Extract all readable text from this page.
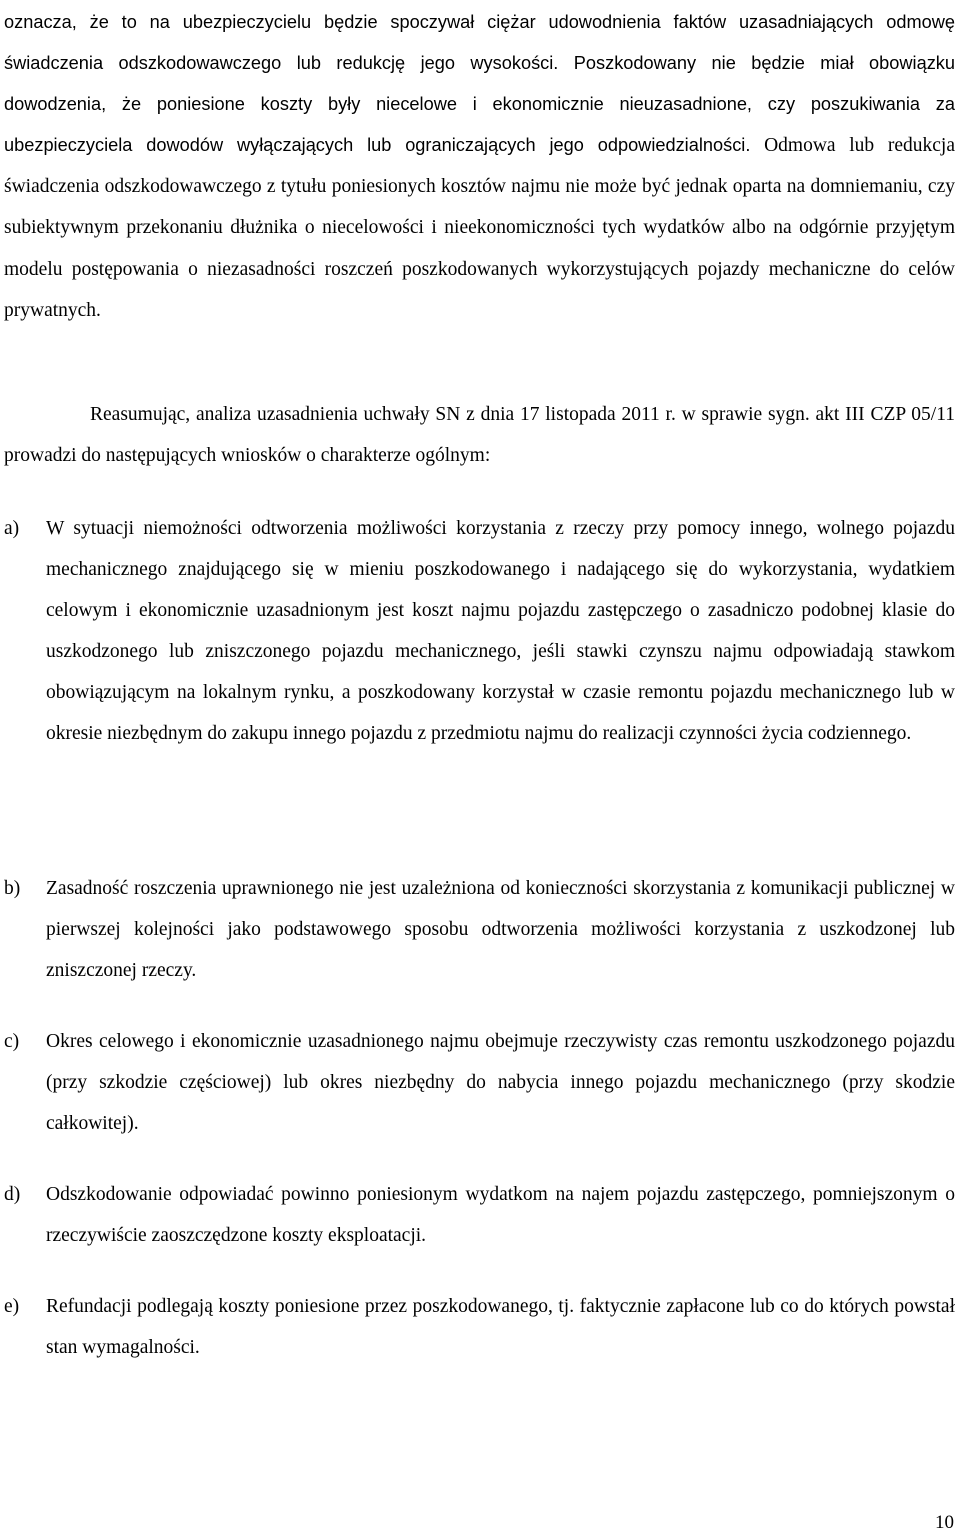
oznacza, że to na ubezpieczycielu będzie spoczywał ciężar udowodnienia faktów uzasadniających odmowę świadczenia odszkodowawczego lub redukcję jego wysokości. Poszkodowany nie będzie miał obowiązku dowodzenia, że poniesione koszty były niecelowe i ekonomicznie nieuzasadnione, czy poszukiwania za ubezpieczyciela dowodów wyłączających lub ograniczających jego odpowiedzialności. Odmowa lub redukcja świadczenia odszkodowawczego z tytułu poniesionych kosztów najmu nie może być jednak oparta na domniemaniu, czy subiektywnym przekonaniu dłużnika o niecelowości i nieekonomiczności tych wydatków albo na odgórnie przyjętym modelu postępowania o niezasadności roszczeń poszkodowanych wykorzystujących pojazdy mechaniczne do celów prywatnych.

Reasumując, analiza uzasadnienia uchwały SN z dnia 17 listopada 2011 r. w sprawie sygn. akt III CZP 05/11 prowadzi do następujących wniosków o charakterze ogólnym:

a)	W sytuacji niemożności odtworzenia możliwości korzystania z rzeczy przy pomocy innego, wolnego pojazdu mechanicznego znajdującego się w mieniu poszkodowanego i nadającego się do wykorzystania, wydatkiem celowym i ekonomicznie uzasadnionym jest koszt najmu pojazdu zastępczego o zasadniczo podobnej klasie do uszkodzonego lub zniszczonego pojazdu mechanicznego, jeśli stawki czynszu najmu odpowiadają stawkom obowiązującym na lokalnym rynku, a poszkodowany korzystał w czasie remontu pojazdu mechanicznego lub w okresie niezbędnym do zakupu innego pojazdu z przedmiotu najmu do realizacji czynności życia codziennego.
b)	Zasadność roszczenia uprawnionego nie jest uzależniona od konieczności skorzystania z komunikacji publicznej w pierwszej kolejności jako podstawowego sposobu odtworzenia możliwości korzystania z uszkodzonej lub zniszczonej rzeczy.
c)	Okres celowego i ekonomicznie uzasadnionego najmu obejmuje rzeczywisty czas remontu uszkodzonego pojazdu (przy szkodzie częściowej) lub okres niezbędny do nabycia innego pojazdu mechanicznego (przy skodzie całkowitej).
d)	Odszkodowanie odpowiadać powinno poniesionym wydatkom na najem pojazdu zastępczego, pomniejszonym o rzeczywiście zaoszczędzone koszty eksploatacji.
e)	Refundacji podlegają koszty poniesione przez poszkodowanego, tj. faktycznie zapłacone lub co do których powstał stan wymagalności.
10
